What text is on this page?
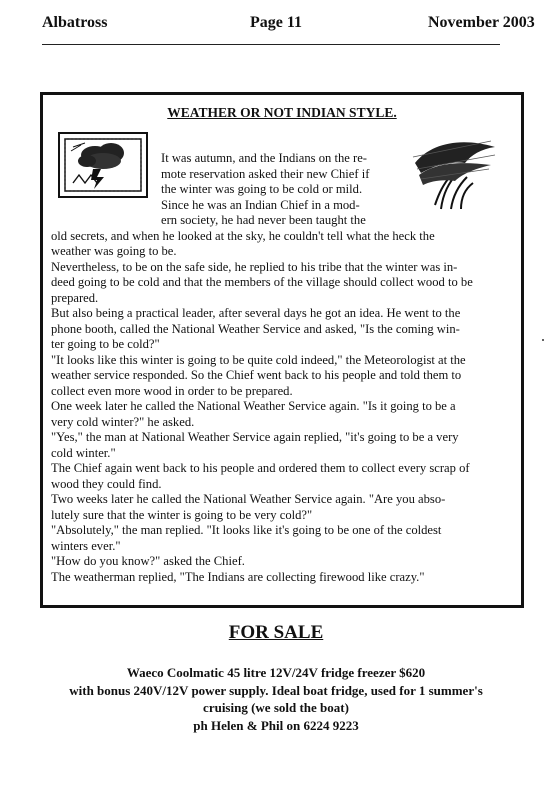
Albatross	Page 11	November 2003
WEATHER OR NOT INDIAN STYLE.
It was autumn, and the Indians on the re-
mote reservation asked their new Chief if
the winter was going to be cold or mild.
Since he was an Indian Chief in a mod-
ern society, he had never been taught the
old secrets, and when he looked at the sky, he couldn't tell what the heck the
weather was going to be.
Nevertheless, to be on the safe side, he replied to his tribe that the winter was in-
deed going to be cold and that the members of the village should collect wood to be
prepared.
But also being a practical leader, after several days he got an idea. He went to the
phone booth, called the National Weather Service and asked, "Is the coming win-
ter going to be cold?"
"It looks like this winter is going to be quite cold indeed," the Meteorologist at the
weather service responded. So the Chief went back to his people and told them to
collect even more wood in order to be prepared.
One week later he called the National Weather Service again. "Is it going to be a
very cold winter?" he asked.
"Yes," the man at National Weather Service again replied, "it's going to be a very
cold winter."
The Chief again went back to his people and ordered them to collect every scrap of
wood they could find.
Two weeks later he called the National Weather Service again. "Are you abso-
lutely sure that the winter is going to be very cold?"
"Absolutely," the man replied. "It looks like it's going to be one of the coldest
winters ever."
"How do you know?" asked the Chief.
The weatherman replied, "The Indians are collecting firewood like crazy."
FOR SALE
Waeco Coolmatic 45 litre 12V/24V fridge freezer $620
with bonus 240V/12V power supply. Ideal boat fridge, used for 1 summer's
cruising (we sold the boat)
ph Helen & Phil on 6224 9223
